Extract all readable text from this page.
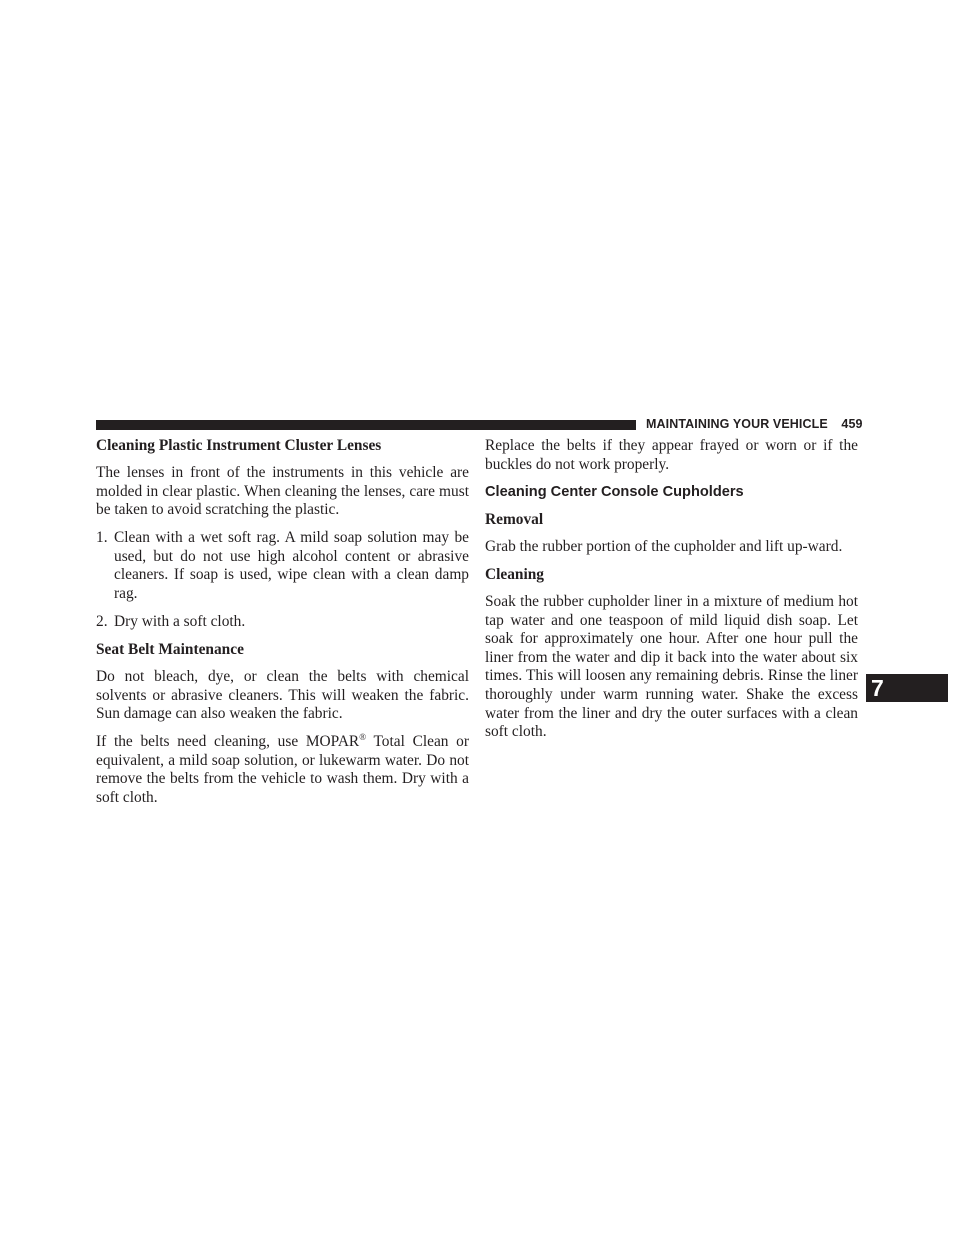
MAINTAINING YOUR VEHICLE 459
7
Cleaning Plastic Instrument Cluster Lenses

The lenses in front of the instruments in this vehicle are molded in clear plastic. When cleaning the lenses, care must be taken to avoid scratching the plastic.

1. Clean with a wet soft rag. A mild soap solution may be used, but do not use high alcohol content or abrasive cleaners. If soap is used, wipe clean with a clean damp rag.
2. Dry with a soft cloth.
Seat Belt Maintenance

Do not bleach, dye, or clean the belts with chemical solvents or abrasive cleaners. This will weaken the fabric. Sun damage can also weaken the fabric.

If the belts need cleaning, use MOPAR® Total Clean or equivalent, a mild soap solution, or lukewarm water. Do not remove the belts from the vehicle to wash them. Dry with a soft cloth.

Replace the belts if they appear frayed or worn or if the buckles do not work properly.

Cleaning Center Console Cupholders
Removal

Grab the rubber portion of the cupholder and lift up-ward.

Cleaning

Soak the rubber cupholder liner in a mixture of medium hot tap water and one teaspoon of mild liquid dish soap. Let soak for approximately one hour. After one hour pull the liner from the water and dip it back into the water about six times. This will loosen any remaining debris. Rinse the liner thoroughly under warm running water. Shake the excess water from the liner and dry the outer surfaces with a clean soft cloth.
